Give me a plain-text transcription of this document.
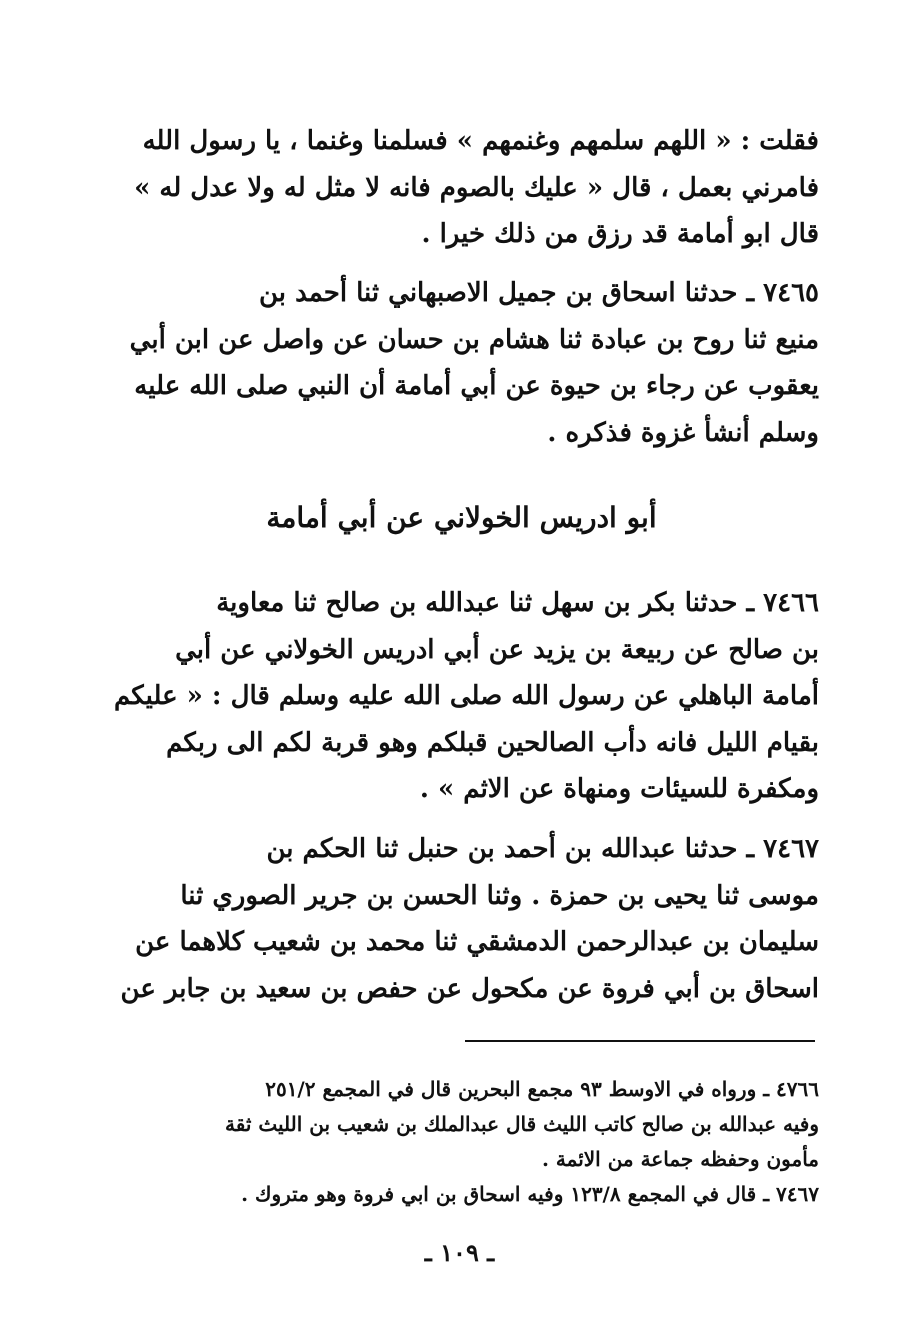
فقلت : « اللهم سلمهم وغنمهم » فسلمنا وغنما ، يا رسول الله
فامرني بعمل ، قال « عليك بالصوم فانه لا مثل له ولا عدل له »
قال ابو أمامة قد رزق من ذلك خيرا .
٧٤٦٥ ـ حدثنا اسحاق بن جميل الاصبهاني ثنا أحمد بن
منيع ثنا روح بن عبادة ثنا هشام بن حسان عن واصل عن ابن أبي
يعقوب عن رجاء بن حيوة عن أبي أمامة أن النبي صلى الله عليه
وسلم أنشأ غزوة فذكره .
أبو ادريس الخولاني عن أبي أمامة
٧٤٦٦ ـ حدثنا بكر بن سهل ثنا عبدالله بن صالح ثنا معاوية
بن صالح عن ربيعة بن يزيد عن أبي ادريس الخولاني عن أبي
أمامة الباهلي عن رسول الله صلى الله عليه وسلم قال : « عليكم
بقيام الليل فانه دأب الصالحين قبلكم وهو قربة لكم الى ربكم
ومكفرة للسيئات ومنهاة عن الاثم » .
٧٤٦٧ ـ حدثنا عبدالله بن أحمد بن حنبل ثنا الحكم بن
موسى ثنا يحيى بن حمزة . وثنا الحسن بن جرير الصوري ثنا
سليمان بن عبدالرحمن الدمشقي ثنا محمد بن شعيب كلاهما عن
اسحاق بن أبي فروة عن مكحول عن حفص بن سعيد بن جابر عن
٤٧٦٦ ـ ورواه في الاوسط ٩٣ مجمع البحرين قال في المجمع ٢٥١/٢
وفيه عبدالله بن صالح كاتب الليث قال عبدالملك بن شعيب بن الليث ثقة
مأمون وحفظه جماعة من الائمة .
٧٤٦٧ ـ قال في المجمع ١٢٣/٨ وفيه اسحاق بن ابي فروة وهو متروك .
ـ ١٠٩ ـ
